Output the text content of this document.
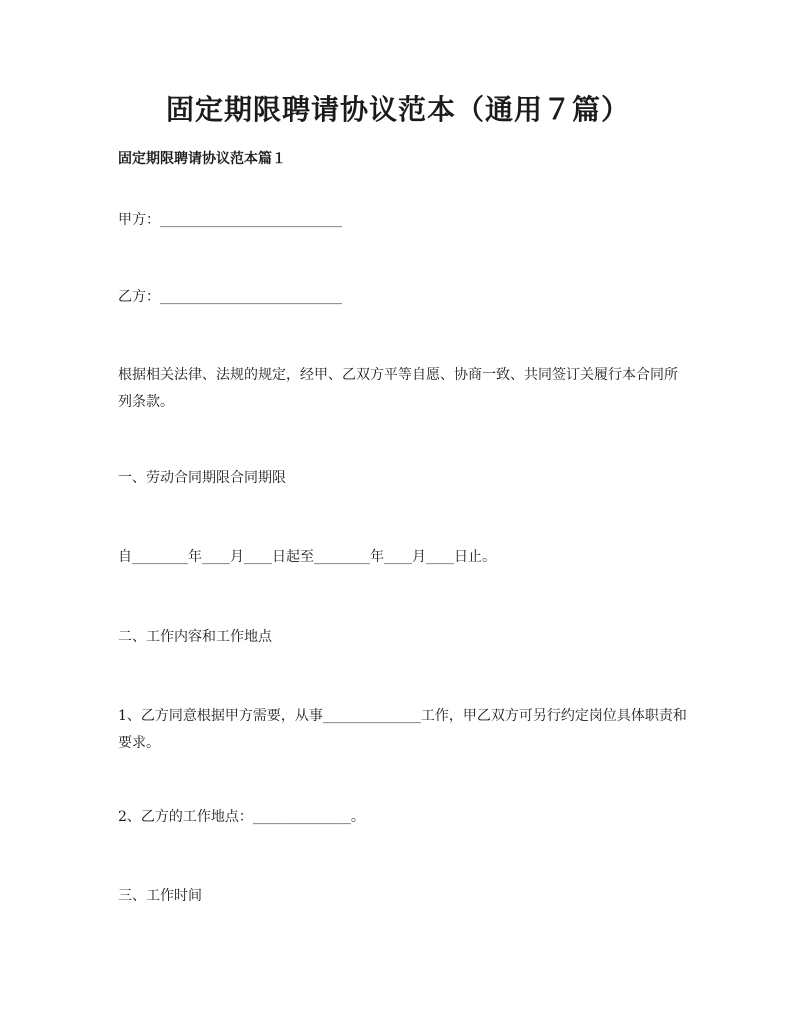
固定期限聘请协议范本（通用７篇）
固定期限聘请协议范本篇１
甲方：__________________________
乙方：__________________________
根据相关法律、法规的规定，经甲、乙双方平等自愿、协商一致、共同签订关履行本合同所列条款。
一、劳动合同期限合同期限
自________年____月____日起至________年____月____日止。
二、工作内容和工作地点
1、乙方同意根据甲方需要，从事______________工作，甲乙双方可另行约定岗位具体职责和要求。
2、乙方的工作地点：______________。
三、工作时间
